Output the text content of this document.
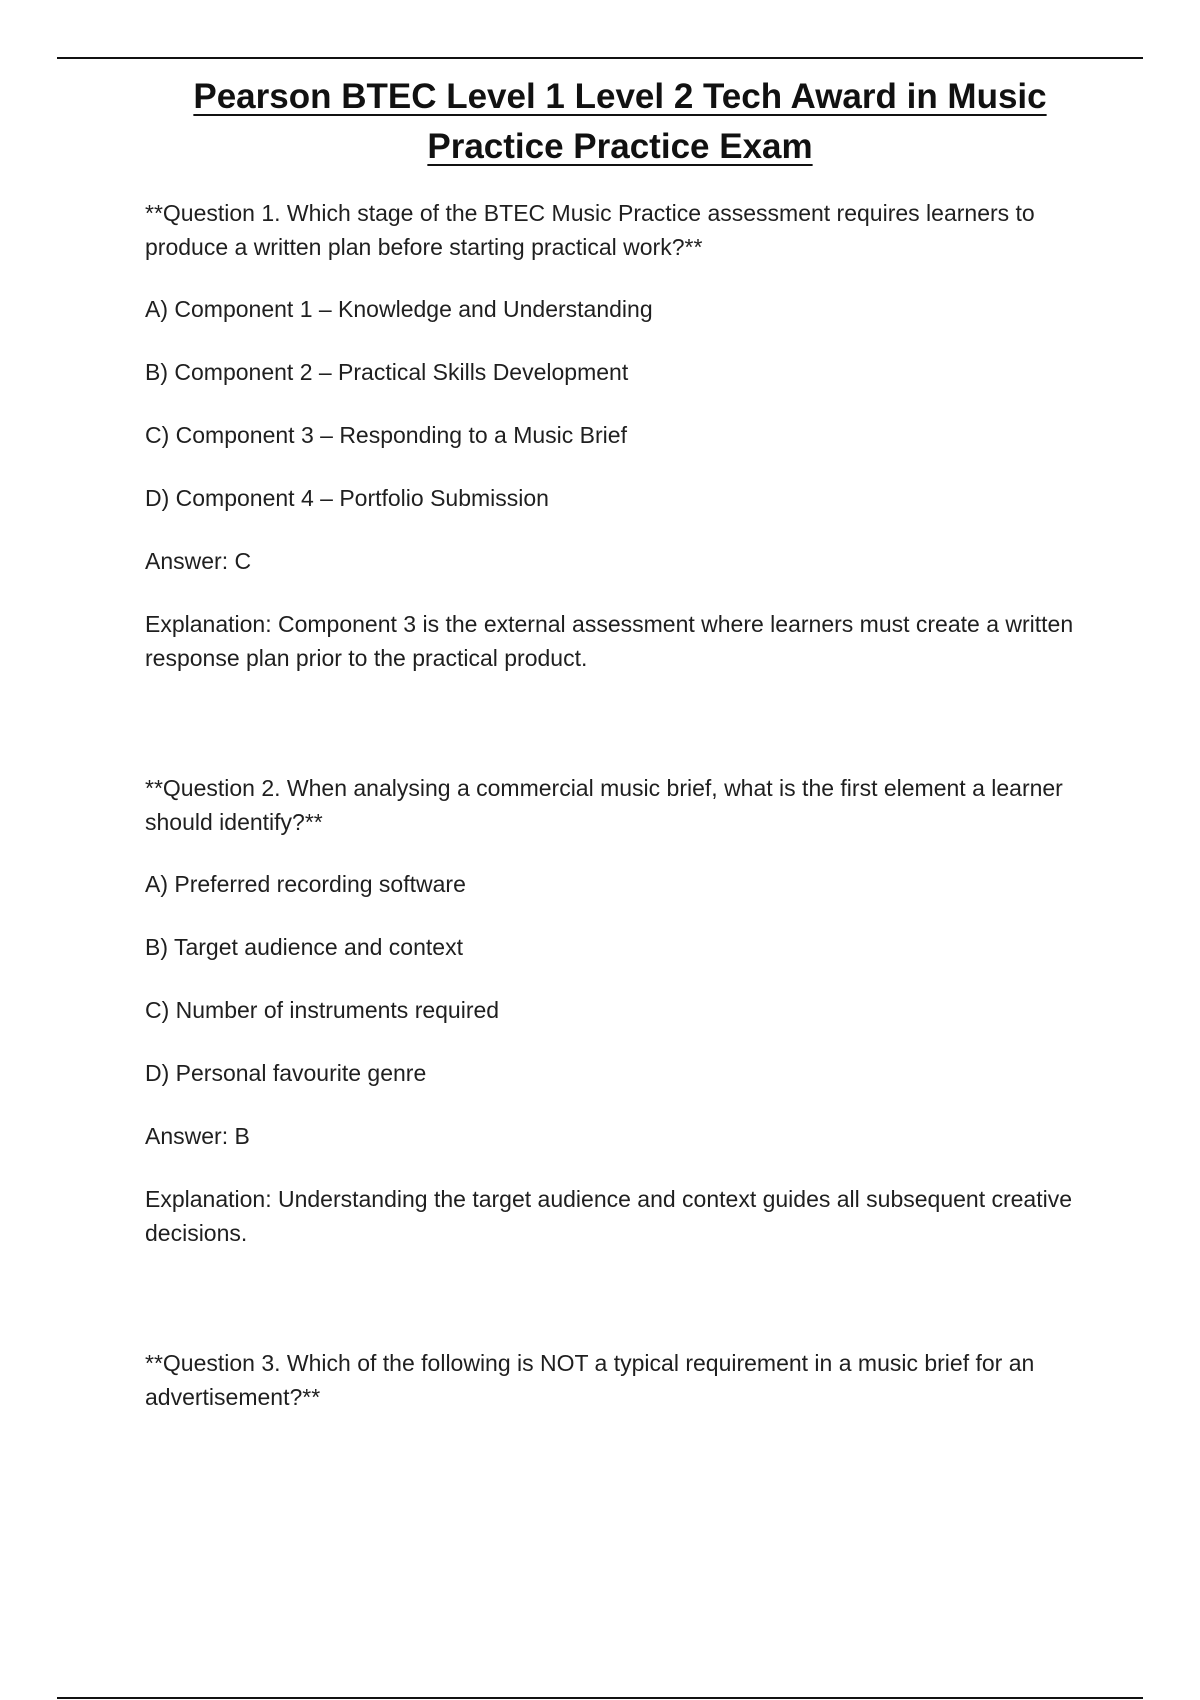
Pearson BTEC Level 1 Level 2 Tech Award in Music
Practice Practice Exam

**Question 1. Which stage of the BTEC Music Practice assessment requires learners to produce a written plan before starting practical work?**

A) Component 1 – Knowledge and Understanding

B) Component 2 – Practical Skills Development

C) Component 3 – Responding to a Music Brief

D) Component 4 – Portfolio Submission

Answer: C

Explanation: Component 3 is the external assessment where learners must create a written response plan prior to the practical product.

**Question 2. When analysing a commercial music brief, what is the first element a learner should identify?**

A) Preferred recording software

B) Target audience and context

C) Number of instruments required

D) Personal favourite genre

Answer: B

Explanation: Understanding the target audience and context guides all subsequent creative decisions.

**Question 3. Which of the following is NOT a typical requirement in a music brief for an advertisement?**
